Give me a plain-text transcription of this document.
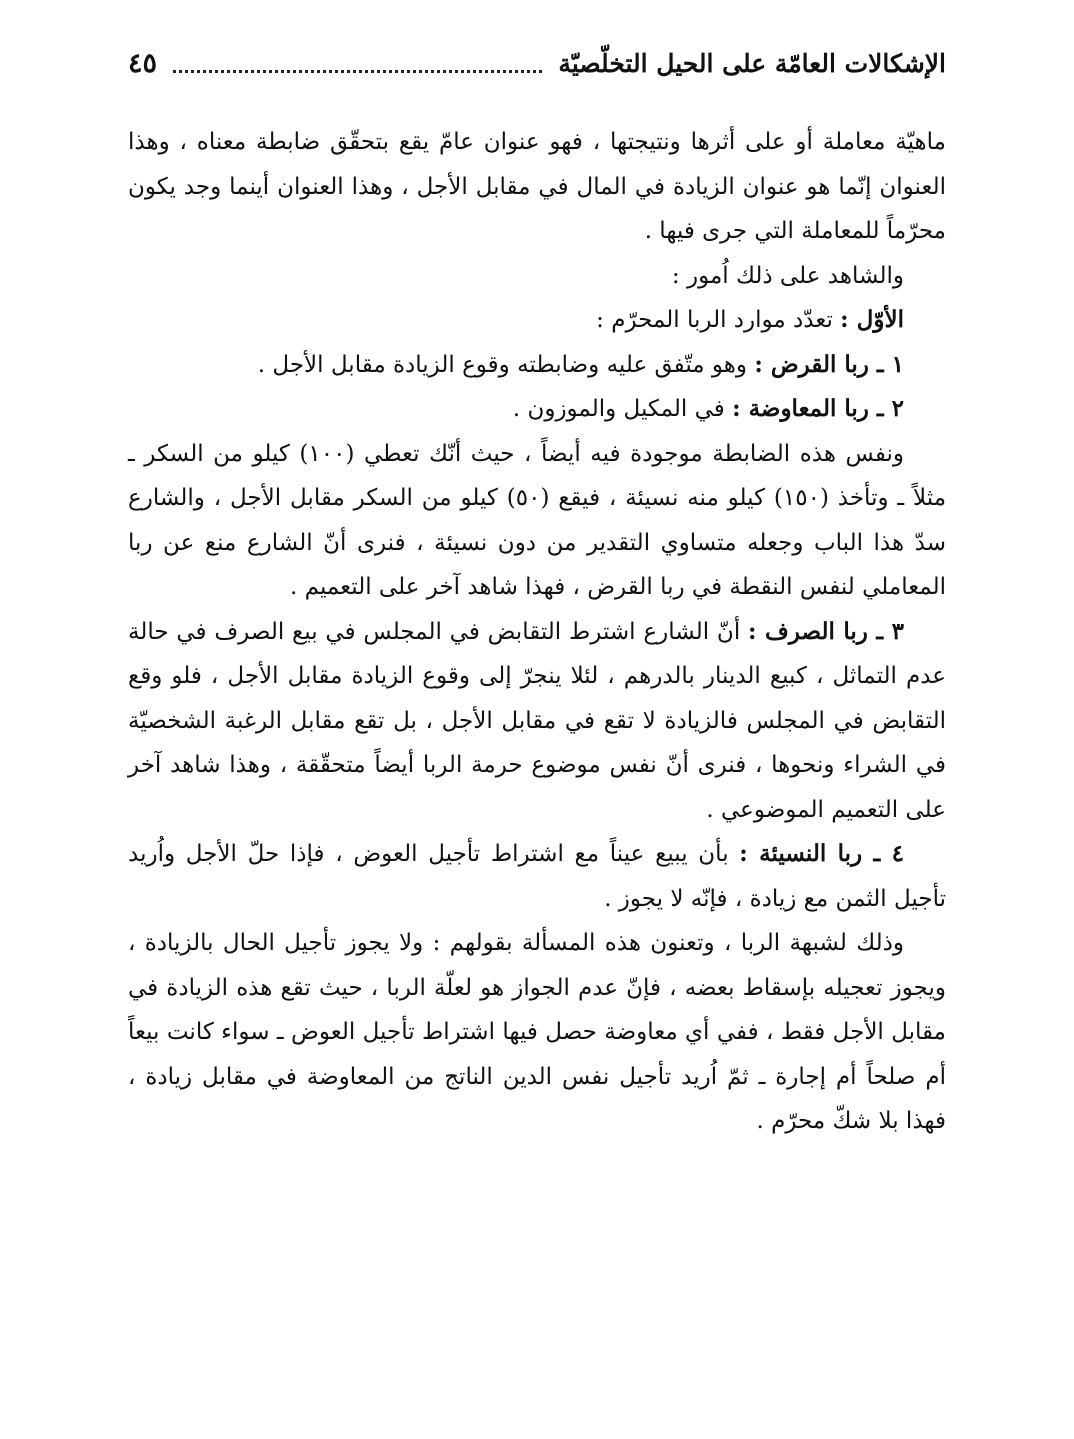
الإشكالات العامّة على الحيل التخلّصيّة
٤٥

ماهيّة معاملة أو على أثرها ونتيجتها ، فهو عنوان عامّ يقع بتحقّق ضابطة معناه ، وهذا العنوان إنّما هو عنوان الزيادة في المال في مقابل الأجل ، وهذا العنوان أينما وجد يكون محرّماً للمعاملة التي جرى فيها .

والشاهد على ذلك اُمور :

الأوّل : تعدّد موارد الربا المحرّم :

١ ـ ربا القرض : وهو متّفق عليه وضابطته وقوع الزيادة مقابل الأجل .

٢ ـ ربا المعاوضة : في المكيل والموزون .

ونفس هذه الضابطة موجودة فيه أيضاً ، حيث أنّك تعطي (١٠٠) كيلو من السكر ـ مثلاً ـ وتأخذ (١٥٠) كيلو منه نسيئة ، فيقع (٥٠) كيلو من السكر مقابل الأجل ، والشارع سدّ هذا الباب وجعله متساوي التقدير من دون نسيئة ، فنرى أنّ الشارع منع عن ربا المعاملي لنفس النقطة في ربا القرض ، فهذا شاهد آخر على التعميم .

٣ ـ ربا الصرف : أنّ الشارع اشترط التقابض في المجلس في بيع الصرف في حالة عدم التماثل ، كبيع الدينار بالدرهم ، لئلا ينجرّ إلى وقوع الزيادة مقابل الأجل ، فلو وقع التقابض في المجلس فالزيادة لا تقع في مقابل الأجل ، بل تقع مقابل الرغبة الشخصيّة في الشراء ونحوها ، فنرى أنّ نفس موضوع حرمة الربا أيضاً متحقّقة ، وهذا شاهد آخر على التعميم الموضوعي .

٤ ـ ربا النسيئة : بأن يبيع عيناً مع اشتراط تأجيل العوض ، فإذا حلّ الأجل واُريد تأجيل الثمن مع زيادة ، فإنّه لا يجوز .

وذلك لشبهة الربا ، وتعنون هذه المسألة بقولهم : ولا يجوز تأجيل الحال بالزيادة ، ويجوز تعجيله بإسقاط بعضه ، فإنّ عدم الجواز هو لعلّة الربا ، حيث تقع هذه الزيادة في مقابل الأجل فقط ، ففي أي معاوضة حصل فيها اشتراط تأجيل العوض ـ سواء كانت بيعاً أم صلحاً أم إجارة ـ ثمّ اُريد تأجيل نفس الدين الناتج من المعاوضة في مقابل زيادة ، فهذا بلا شكّ محرّم .
